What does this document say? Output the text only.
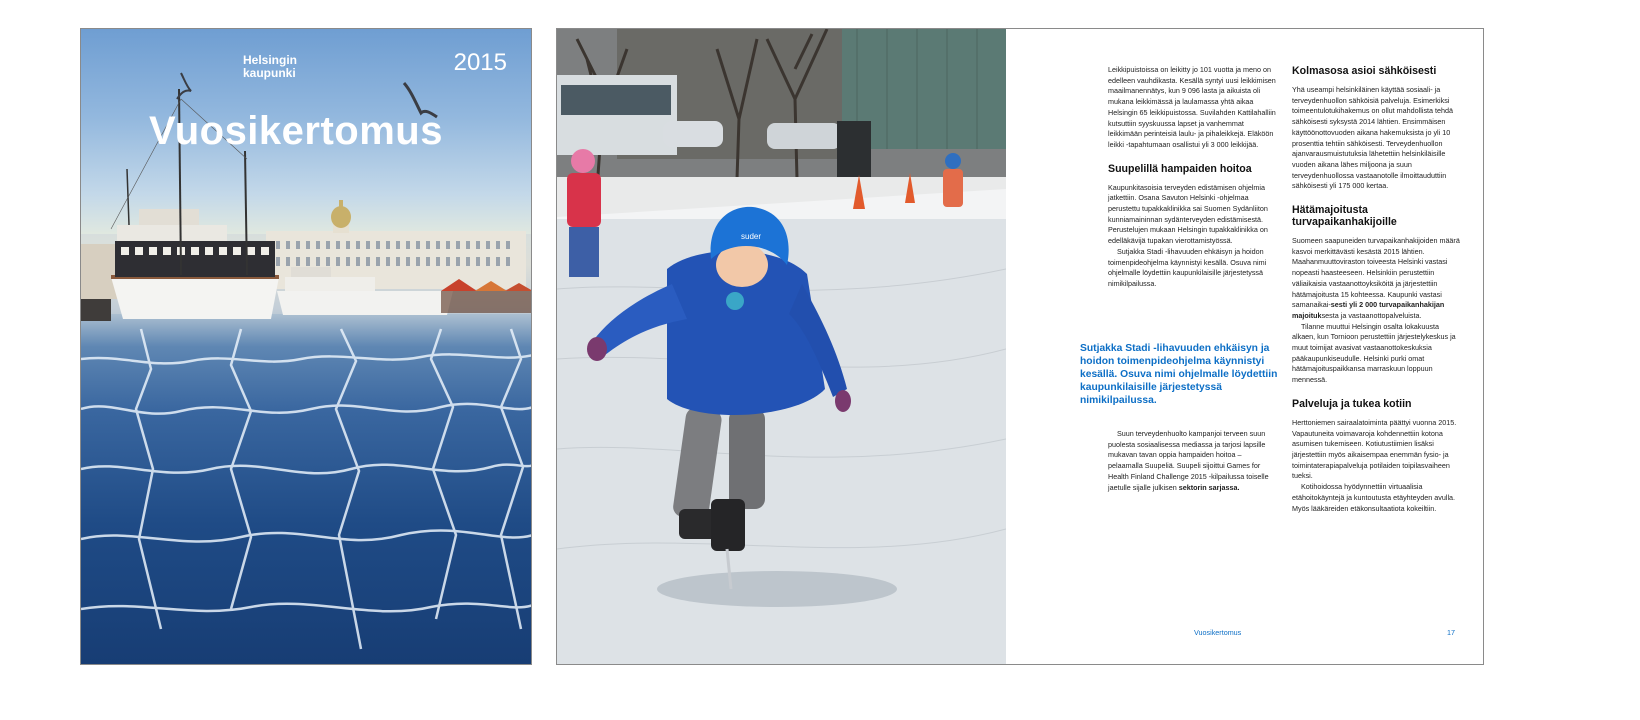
Helsingin kaupunki	2015
Vuosikertomus
suder

Leikkipuistoissa on leikitty jo 101 vuotta ja meno on edelleen vauhdikasta. Kesällä syntyi uusi leikkimisen maailmanennätys, kun 9 096 lasta ja aikuista oli mukana leikkimässä ja laulamassa yhtä aikaa Helsingin 65 leikkipuistossa. Suvilahden Kattilahalliin kutsuttiin syyskuussa lapset ja vanhemmat leikkimään perinteisiä laulu- ja pihaleikkejä. Eläköön leikki -tapahtumaan osallistui yli 3 000 leikkijää.

Suupelillä hampaiden hoitoa

Kaupunkitasoisia terveyden edistämisen ohjelmia jatkettiin. Osana Savuton Helsinki -ohjelmaa perustettu tupakkaklinikka sai Suomen Sydänliiton kunniamaininnan sydänterveyden edistämisestä. Perustelujen mukaan Helsingin tupakkaklinikka on edelläkävijä tupakan vierottamistyössä.

Sutjakka Stadi -lihavuuden ehkäisyn ja hoidon toimenpideohjelma käynnistyi kesällä. Osuva nimi ohjelmalle löydettiin kaupunkilaisille järjestetyssä nimikilpailussa.

Sutjakka Stadi -lihavuuden ehkäisyn ja hoidon toimenpideohjelma käynnistyi kesällä. Osuva nimi ohjelmalle löydettiin kaupunkilaisille järjestetyssä nimikilpailussa.

Suun terveydenhuolto kampanjoi terveen suun puolesta sosiaalisessa mediassa ja tarjosi lapsille mukavan tavan oppia hampaiden hoitoa – pelaamalla Suupeliä. Suupeli sijoittui Games for Health Finland Challenge 2015 -kilpailussa toiselle jaetulle sijalle julkisen sektorin sarjassa.

Kolmasosa asioi sähköisesti

Yhä useampi helsinkiläinen käyttää sosiaali- ja terveydenhuollon sähköisiä palveluja. Esimerkiksi toimeentulotukihakemus on ollut mahdollista tehdä sähköisesti syksystä 2014 lähtien. Ensimmäisen käyttöönottovuoden aikana hakemuksista jo yli 10 prosenttia tehtiin sähköisesti. Terveydenhuollon ajanvarausmuistutuksia lähetettiin helsinkiläisille vuoden aikana lähes miljoona ja suun terveydenhuollossa vastaanotolle ilmoittauduttiin sähköisesti yli 175 000 kertaa.

Hätämajoitusta turvapaikanhakijoille

Suomeen saapuneiden turvapaikanhakijoiden määrä kasvoi merkittävästi kesästä 2015 lähtien. Maahanmuuttoviraston toiveesta Helsinki vastasi nopeasti haasteeseen. Helsinkiin perustettiin väliaikaisia vastaanottoyksiköitä ja järjestettiin hätämajoitusta 15 kohteessa. Kaupunki vastasi samanaikai-sesti yli 2 000 turvapaikanhakijan majoituksesta ja vastaanottopalveluista.

Tilanne muuttui Helsingin osalta lokakuusta alkaen, kun Tornioon perustettiin järjestelykeskus ja muut toimijat avasivat vastaanottokeskuksia pääkaupunkiseudulle. Helsinki purki omat hätämajoituspaikkansa marraskuun loppuun mennessä.

Palveluja ja tukea kotiin

Herttoniemen sairaalatoiminta päättyi vuonna 2015. Vapautuneita voimavaroja kohdennettiin kotona asumisen tukemiseen. Kotiutustiimien lisäksi järjestettiin myös aikaisempaa enemmän fysio- ja toimintaterapiapalveluja potilaiden toipilasvaiheen tueksi.

Kotihoidossa hyödynnettiin virtuaalisia etähoitokäyntejä ja kuntoutusta etäyhteyden avulla. Myös lääkäreiden etäkonsultaatiota kokeiltiin.

Vuosikertomus	17
